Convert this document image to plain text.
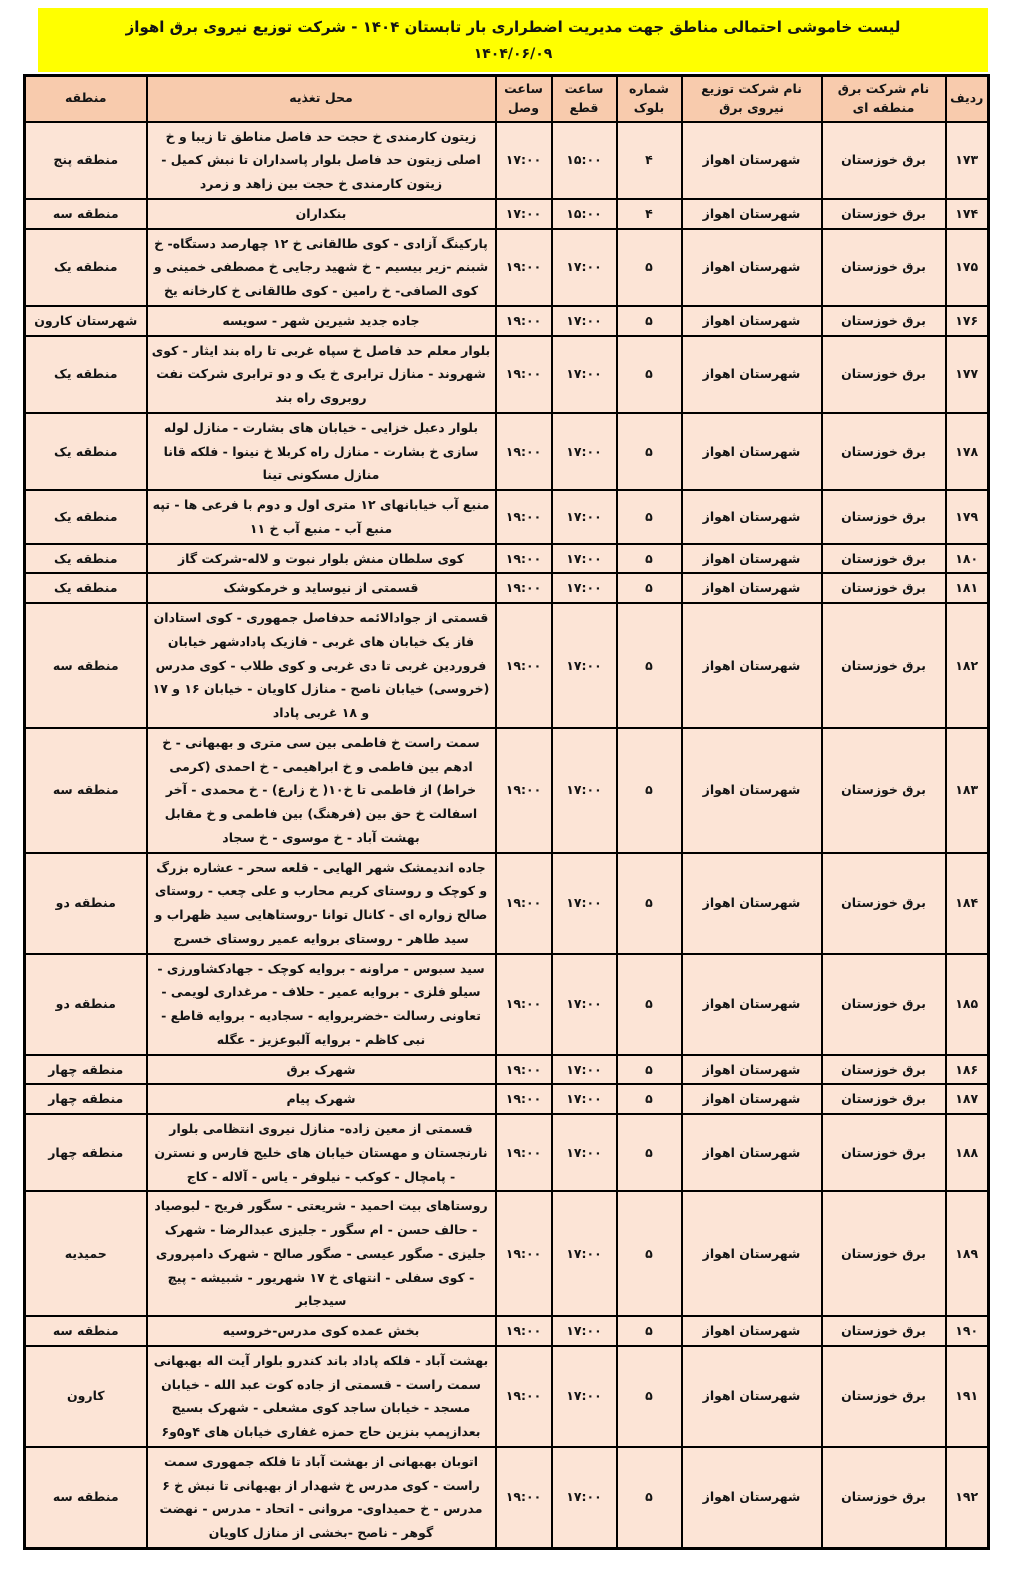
لیست خاموشی احتمالی مناطق جهت مدیریت اضطراری بار تابستان ۱۴۰۴ - شرکت توزیع نیروی برق اهواز
۱۴۰۴/۰۶/۰۹
ردیف	نام شرکت برق منطقه ای	نام شرکت توزیع نیروی برق	شماره بلوک	ساعت قطع	ساعت وصل	محل تغذیه	منطقه
۱۷۳	برق خوزستان	شهرستان اهواز	۴	۱۵:۰۰	۱۷:۰۰	زیتون کارمندی خ حجت حد فاصل مناطق تا زیبا و خ اصلی زیتون حد فاصل بلوار پاسداران تا نبش کمیل - زیتون کارمندی خ حجت بین زاهد و زمرد	منطقه پنج
۱۷۴	برق خوزستان	شهرستان اهواز	۴	۱۵:۰۰	۱۷:۰۰	بنکداران	منطقه سه
۱۷۵	برق خوزستان	شهرستان اهواز	۵	۱۷:۰۰	۱۹:۰۰	پارکینگ آزادی - کوی طالقانی خ ۱۲ چهارصد دستگاه- خ شبنم -زیر بیسیم - خ شهید رجایی خ مصطفی خمینی و کوی الصافی- خ رامین - کوی طالقانی خ کارخانه یخ	منطقه یک
۱۷۶	برق خوزستان	شهرستان اهواز	۵	۱۷:۰۰	۱۹:۰۰	جاده جدید شیرین شهر - سویسه	شهرستان کارون
۱۷۷	برق خوزستان	شهرستان اهواز	۵	۱۷:۰۰	۱۹:۰۰	بلوار معلم حد فاصل خ سپاه غربی تا راه بند ایثار - کوی شهروند - منازل ترابری خ یک و دو ترابری شرکت نفت روبروی راه بند	منطقه یک
۱۷۸	برق خوزستان	شهرستان اهواز	۵	۱۷:۰۰	۱۹:۰۰	بلوار دعبل خزایی - خیابان های بشارت - منازل لوله سازی خ بشارت - منازل راه کربلا خ نینوا - فلکه قانا منازل مسکونی تینا	منطقه یک
۱۷۹	برق خوزستان	شهرستان اهواز	۵	۱۷:۰۰	۱۹:۰۰	منبع آب خیابانهای ۱۲ متری اول و دوم با فرعی ها - تپه منبع آب - منبع آب خ ۱۱	منطقه یک
۱۸۰	برق خوزستان	شهرستان اهواز	۵	۱۷:۰۰	۱۹:۰۰	کوی سلطان منش بلوار نبوت و لاله-شرکت گاز	منطقه یک
۱۸۱	برق خوزستان	شهرستان اهواز	۵	۱۷:۰۰	۱۹:۰۰	قسمتی از نیوساید و خرمکوشک	منطقه یک
۱۸۲	برق خوزستان	شهرستان اهواز	۵	۱۷:۰۰	۱۹:۰۰	قسمتی از جوادالائمه حدفاصل جمهوری - کوی استادان فاز یک خیابان های غربی - فازیک پادادشهر خیابان فروردین غربی تا دی غربی و کوی طلاب - کوی مدرس (خروسی) خیابان ناصح - منازل کاویان - خیابان ۱۶ و ۱۷ و ۱۸ غربی پاداد	منطقه سه
۱۸۳	برق خوزستان	شهرستان اهواز	۵	۱۷:۰۰	۱۹:۰۰	سمت راست خ فاطمی بین سی متری و بهبهانی - خ ادهم بین فاطمی و خ ابراهیمی - خ احمدی (کرمی خراط) از فاطمی تا خ۱۰( خ زارع) - خ محمدی - آخر اسفالت خ حق بین (فرهنگ) بین فاطمی و خ مقابل بهشت آباد - خ موسوی - خ سجاد	منطقه سه
۱۸۴	برق خوزستان	شهرستان اهواز	۵	۱۷:۰۰	۱۹:۰۰	جاده اندیمشک شهر الهایی - قلعه سحر - عشاره بزرگ و کوچک و روستای کریم محارب و علی چعب - روستای صالح زواره ای - کانال توانا -روستاهایی سید ظهراب و سید طاهر - روستای بروایه عمیر روستای خسرج	منطقه دو
۱۸۵	برق خوزستان	شهرستان اهواز	۵	۱۷:۰۰	۱۹:۰۰	سید سبوس - مراونه - بروایه کوچک - جهادکشاورزی - سیلو فلزی - بروایه عمیر - حلاف - مرغداری لویمی - تعاونی رسالت -خضربروایه - سجادیه - بروایه قاطع - نبی کاظم - بروایه آلبوعزیز - عگله	منطقه دو
۱۸۶	برق خوزستان	شهرستان اهواز	۵	۱۷:۰۰	۱۹:۰۰	شهرک برق	منطقه چهار
۱۸۷	برق خوزستان	شهرستان اهواز	۵	۱۷:۰۰	۱۹:۰۰	شهرک پیام	منطقه چهار
۱۸۸	برق خوزستان	شهرستان اهواز	۵	۱۷:۰۰	۱۹:۰۰	قسمتی از معین زاده- منازل نیروی انتظامی بلوار نارنجستان و مهستان خیابان های خلیج فارس و نسترن - پامچال - کوکب - نیلوفر - یاس - آلاله - کاج	منطقه چهار
۱۸۹	برق خوزستان	شهرستان اهواز	۵	۱۷:۰۰	۱۹:۰۰	روستاهای بیت احمید - شریعتی - سگور فریح - لبوصیاد - حالف حسن - ام سگور - جلیزی عبدالرضا - شهرک جلیزی - صگور عیسی - صگور صالح - شهرک دامپروری - کوی سفلی - انتهای خ ۱۷ شهریور - شبیشه - پیچ سیدجابر	حمیدیه
۱۹۰	برق خوزستان	شهرستان اهواز	۵	۱۷:۰۰	۱۹:۰۰	بخش عمده کوی مدرس-خروسیه	منطقه سه
۱۹۱	برق خوزستان	شهرستان اهواز	۵	۱۷:۰۰	۱۹:۰۰	بهشت آباد - فلکه پاداد باند کندرو بلوار آیت اله بهبهانی سمت راست - قسمتی از جاده کوت عبد الله - خیابان مسجد - خیابان ساجد کوی مشعلی - شهرک بسیج بعدازپمپ بنزین حاج حمزه غفاری خیابان های ۴و۵و۶	کارون
۱۹۲	برق خوزستان	شهرستان اهواز	۵	۱۷:۰۰	۱۹:۰۰	اتوبان بهبهانی از بهشت آباد تا فلکه جمهوری سمت راست - کوی مدرس خ شهدار از بهبهانی تا نبش خ ۶ مدرس - خ حمیداوی- مروانی - اتحاد - مدرس - نهضت گوهر - ناصح -بخشی از منازل کاویان	منطقه سه
